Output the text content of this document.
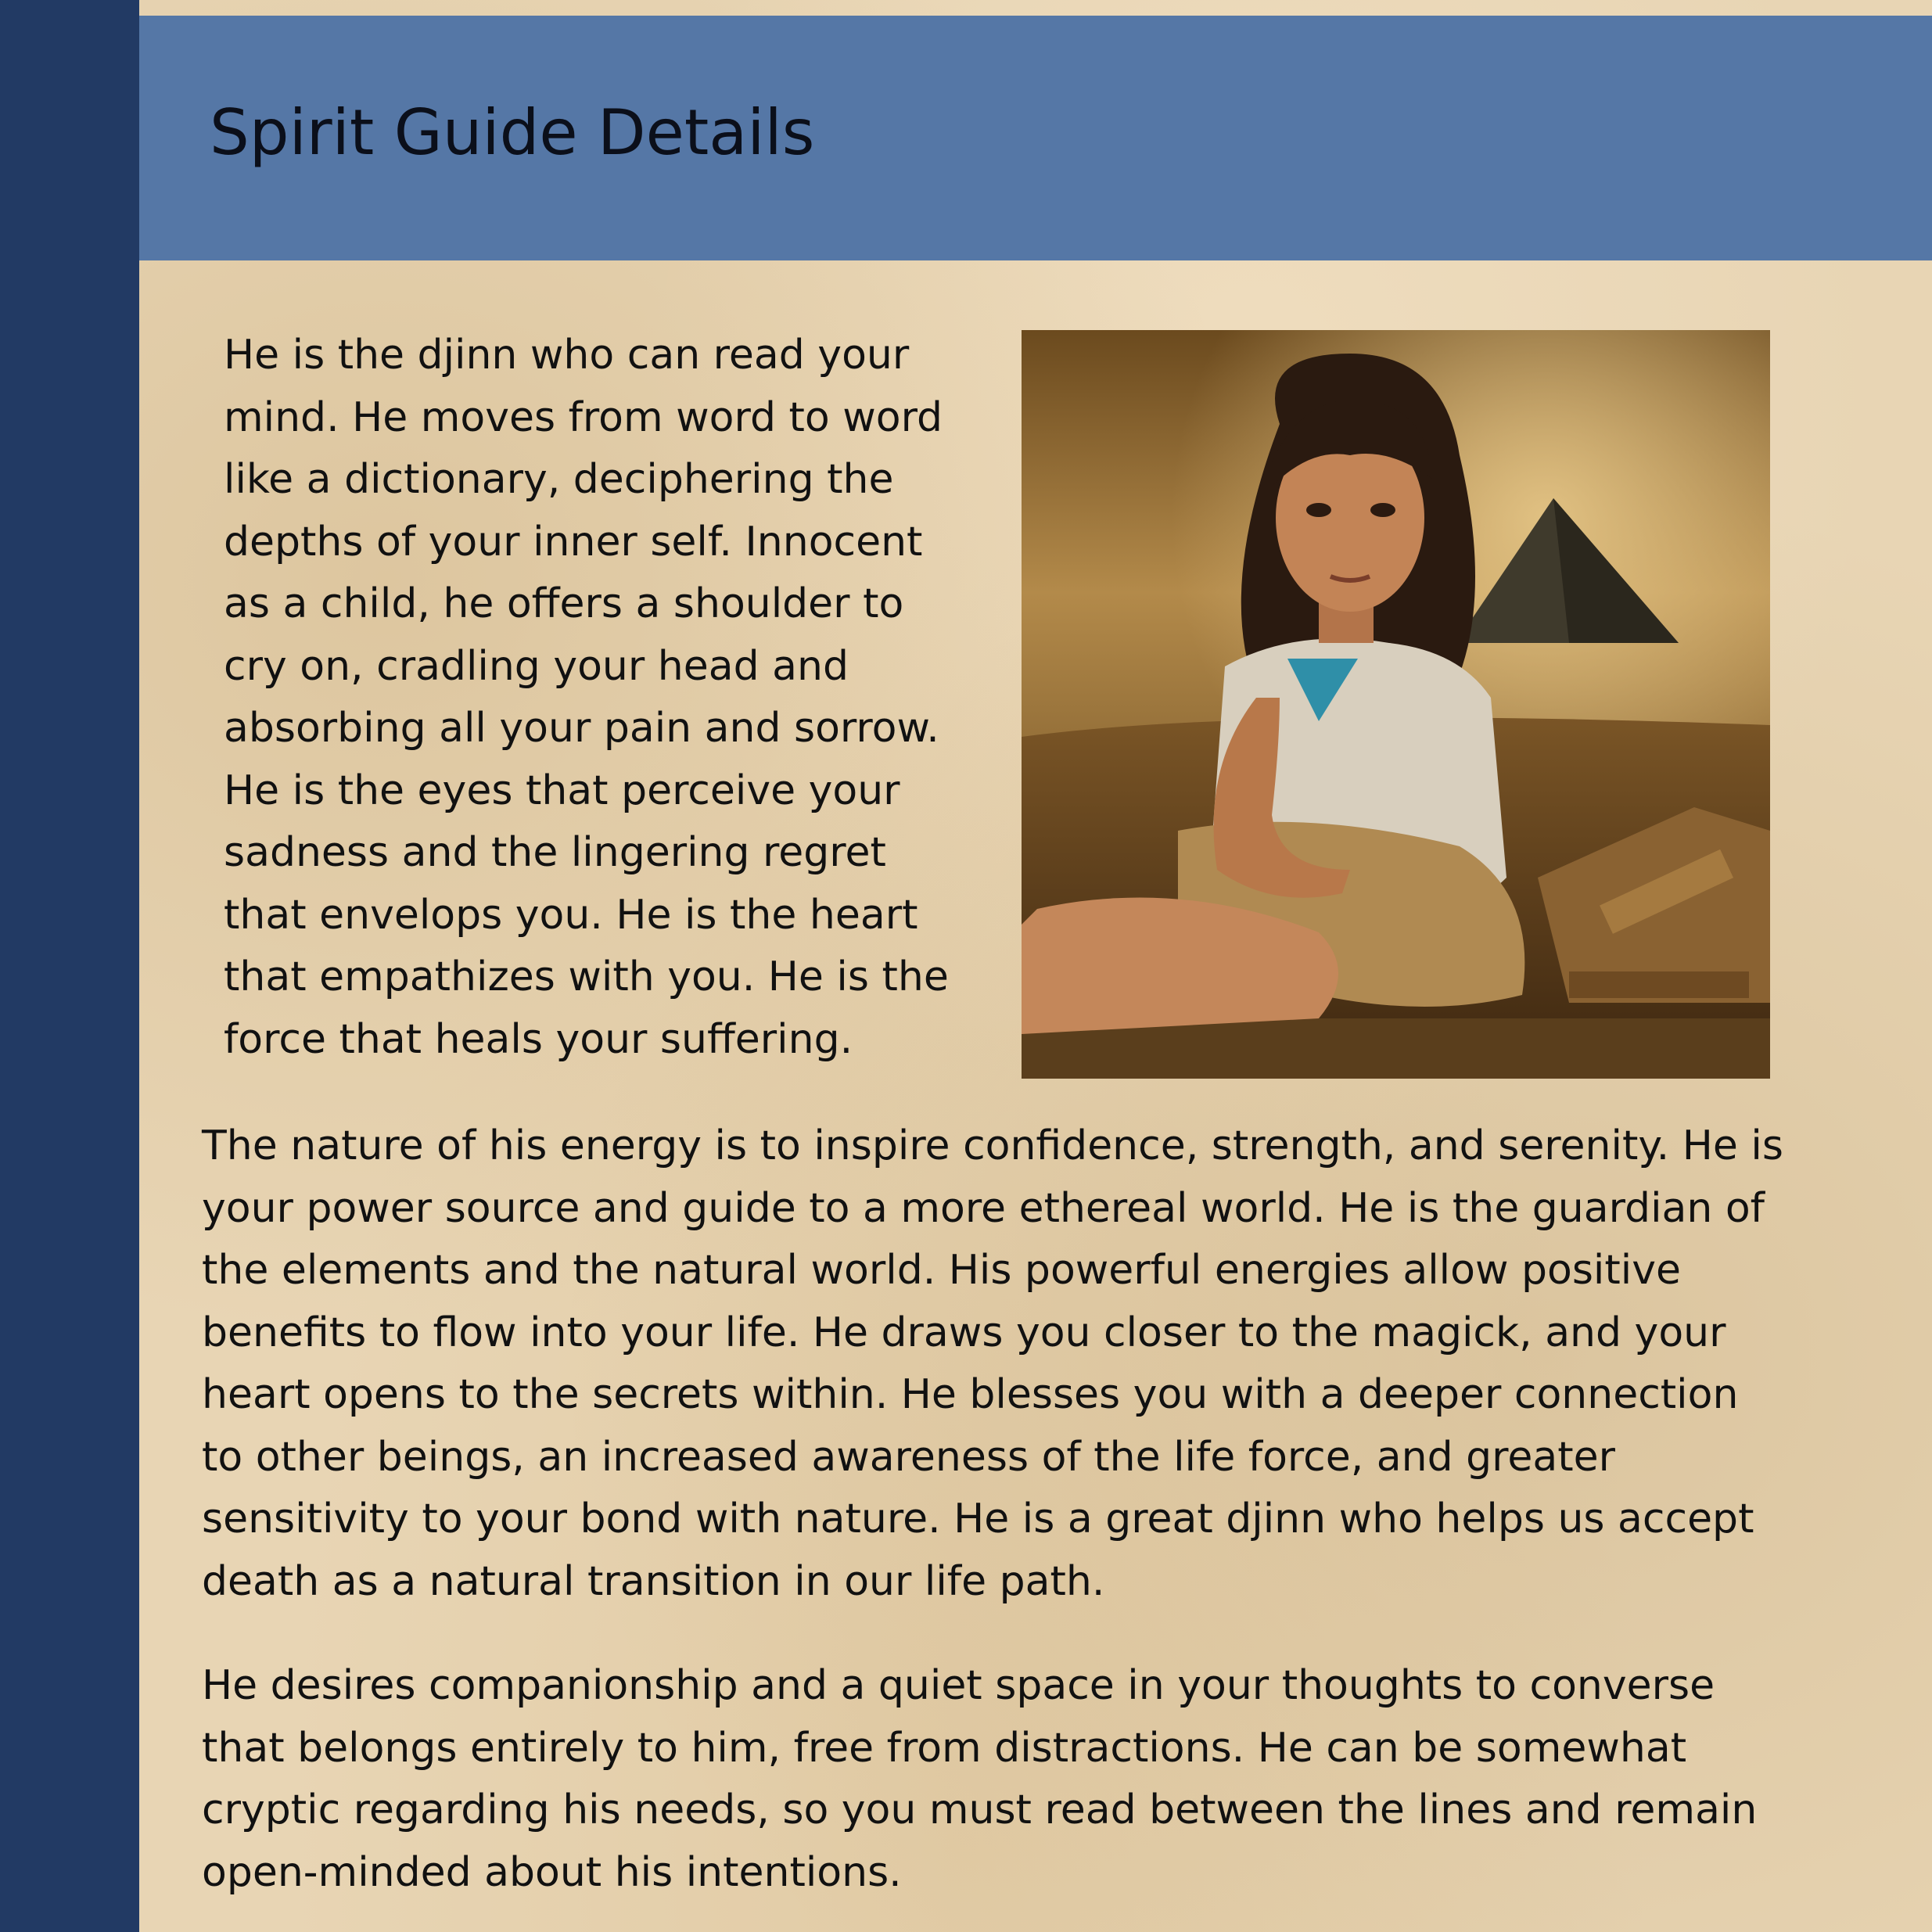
Spirit Guide Details

He is the djinn who can read your mind. He moves from word to word like a dictionary, deciphering the depths of your inner self. Innocent as a child, he offers a shoulder to cry on, cradling your head and absorbing all your pain and sorrow. He is the eyes that perceive your sadness and the lingering regret that envelops you. He is the heart that empathizes with you. He is the force that heals your suffering.

The nature of his energy is to inspire confidence, strength, and serenity. He is your power source and guide to a more ethereal world. He is the guardian of the elements and the natural world. His powerful energies allow positive benefits to flow into your life. He draws you closer to the magick, and your heart opens to the secrets within. He blesses you with a deeper connection to other beings, an increased awareness of the life force, and greater sensitivity to your bond with nature. He is a great djinn who helps us accept death as a natural transition in our life path.

He desires companionship and a quiet space in your thoughts to converse that belongs entirely to him, free from distractions. He can be somewhat cryptic regarding his needs, so you must read between the lines and remain open-minded about his intentions.
